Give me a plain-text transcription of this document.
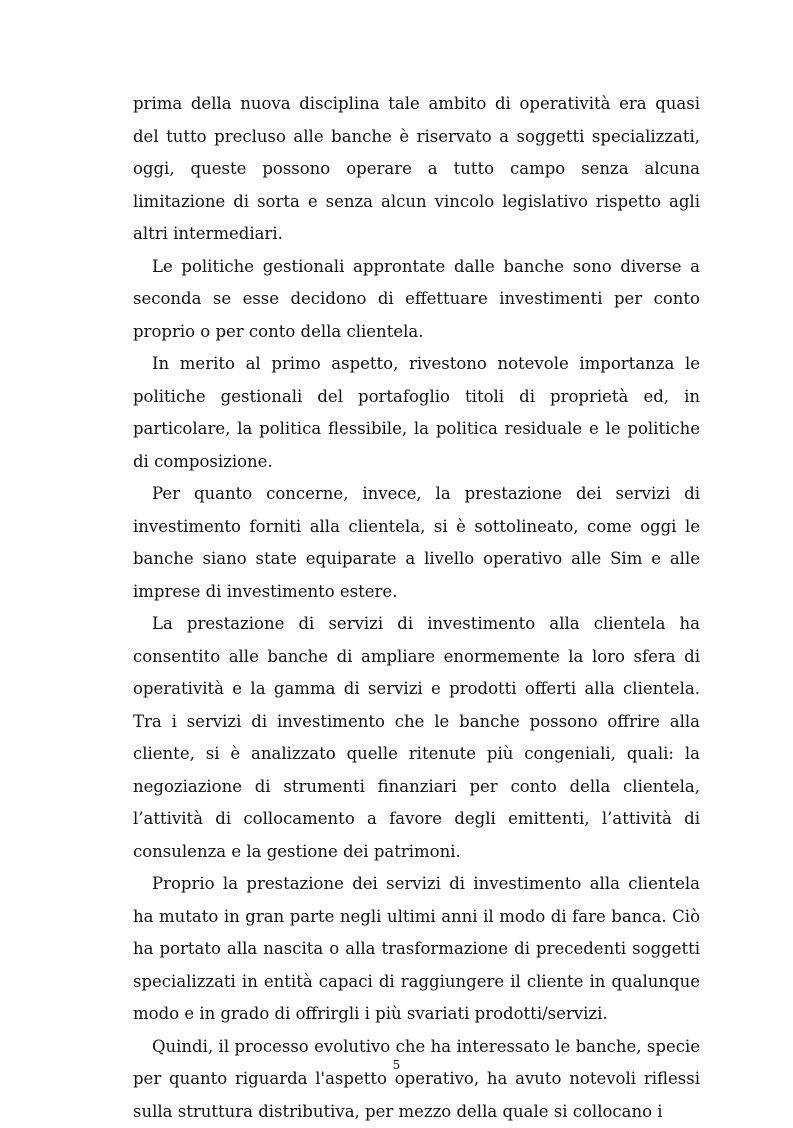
prima della nuova disciplina tale ambito di operatività era quasi del tutto precluso alle banche è riservato a soggetti specializzati, oggi, queste possono operare a tutto campo senza alcuna limitazione di sorta e senza alcun vincolo legislativo rispetto agli altri intermediari.

Le politiche gestionali approntate dalle banche sono diverse a seconda se esse decidono di effettuare investimenti per conto proprio o per conto della clientela.

In merito al primo aspetto, rivestono notevole importanza le politiche gestionali del portafoglio titoli di proprietà ed, in particolare, la politica flessibile, la politica residuale e le politiche di composizione.

Per quanto concerne, invece, la prestazione dei servizi di investimento forniti alla clientela, si è sottolineato, come oggi le banche siano state equiparate a livello operativo alle Sim e alle imprese di investimento estere.

La prestazione di servizi di investimento alla clientela ha consentito alle banche di ampliare enormemente la loro sfera di operatività e la gamma di servizi e prodotti offerti alla clientela. Tra i servizi di investimento che le banche possono offrire alla cliente, si è analizzato quelle ritenute più congeniali, quali: la negoziazione di strumenti finanziari per conto della clientela, l’attività di collocamento a favore degli emittenti, l’attività di consulenza e la gestione dei patrimoni.

Proprio la prestazione dei servizi di investimento alla clientela ha mutato in gran parte negli ultimi anni il modo di fare banca. Ciò ha portato alla nascita o alla trasformazione di precedenti soggetti specializzati in entità capaci di raggiungere il cliente in qualunque modo e in grado di offrirgli i più svariati prodotti/servizi.

Quindi, il processo evolutivo che ha interessato le banche, specie per quanto riguarda l'aspetto operativo, ha avuto notevoli riflessi sulla struttura distributiva, per mezzo della quale si collocano i

5
